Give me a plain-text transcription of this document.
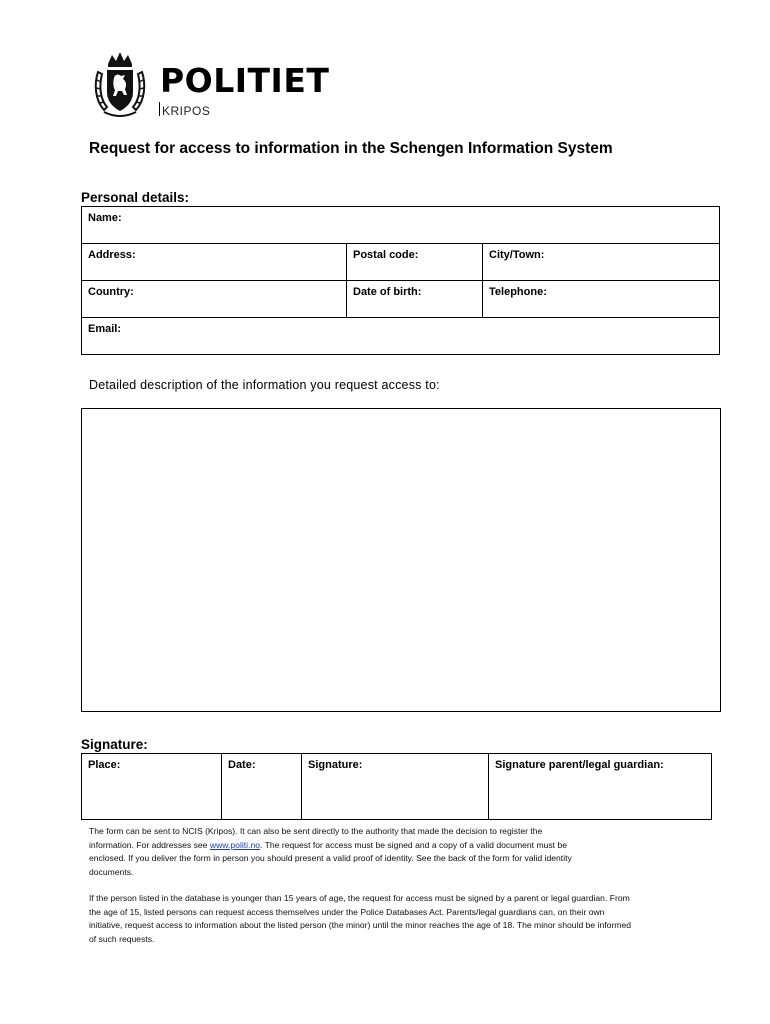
POLITIET
KRIPOS
Request for access to information in the Schengen Information System
Personal details:
Name:		
Address:	Postal code:	City/Town:
Country:	Date of birth:	Telephone:
Email:		
Detailed description of the information you request access to:
Signature:
Place:	Date:	Signature:	Signature parent/legal guardian:
The form can be sent to NCIS (Kripos). It can also be sent directly to the authority that made the decision to register the information. For addresses see www.politi.no. The request for access must be signed and a copy of a valid document must be enclosed. If you deliver the form in person you should present a valid proof of identity. See the back of the form for valid identity documents.
If the person listed in the database is younger than 15 years of age, the request for access must be signed by a parent or legal guardian. From the age of 15, listed persons can request access themselves under the Police Databases Act. Parents/legal guardians can, on their own initiative, request access to information about the listed person (the minor) until the minor reaches the age of 18. The minor should be informed of such requests.
